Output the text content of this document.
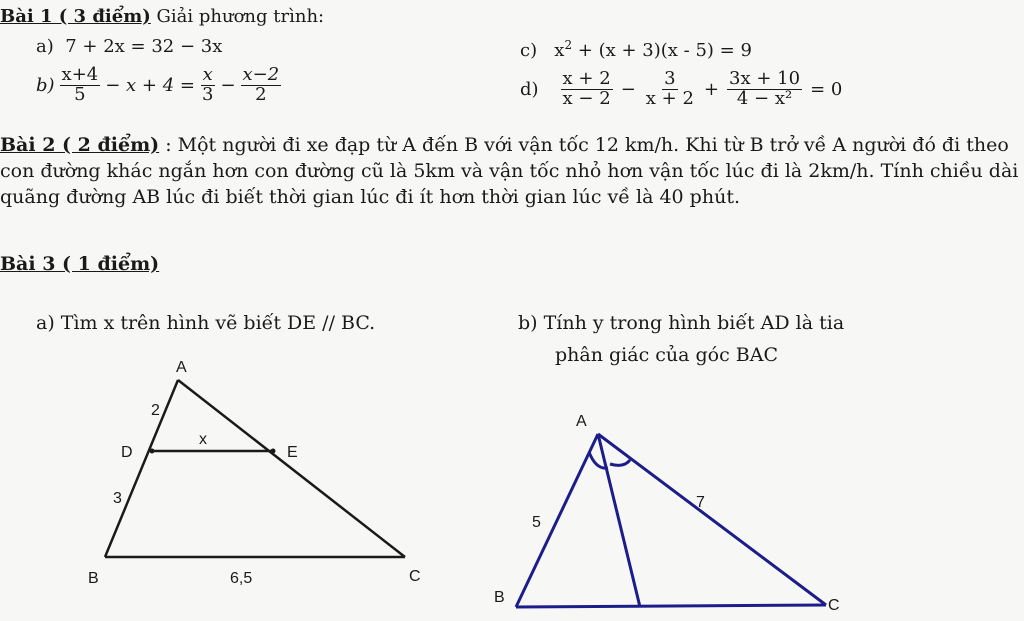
Bài 1 ( 3 điểm) Giải phương trình:
a) 7 + 2x = 32 − 3x
$b) \frac{x+4}{5} - x + 4 = \frac{x}{3} - \frac{x-2}{2}$
c) $x^2 + (x + 3)(x - 5) = 9$
$d) \frac{x + 2}{x - 2} - \frac{3}{x + 2} + \frac{3x + 10}{\text{4 − x²}} = 0$
Bài 2 ( 2 điểm) : Một người đi xe đạp từ A đến B với vận tốc 12 km/h. Khi từ B trở về A người đó đi theo con đường khác ngắn hơn con đường cũ là 5km và vận tốc nhỏ hơn vận tốc lúc đi là 2km/h. Tính chiều dài quãng đường AB lúc đi biết thời gian lúc đi ít hơn thời gian lúc về là 40 phút.
Bài 3 ( 1 điểm)
a) Tìm x trên hình vẽ biết DE // BC.	b) Tính y trong hình biết AD là tia
phân giác của góc BAC
A
2
D
x
E
3
B	6,5	C
A
5
7
B	C
